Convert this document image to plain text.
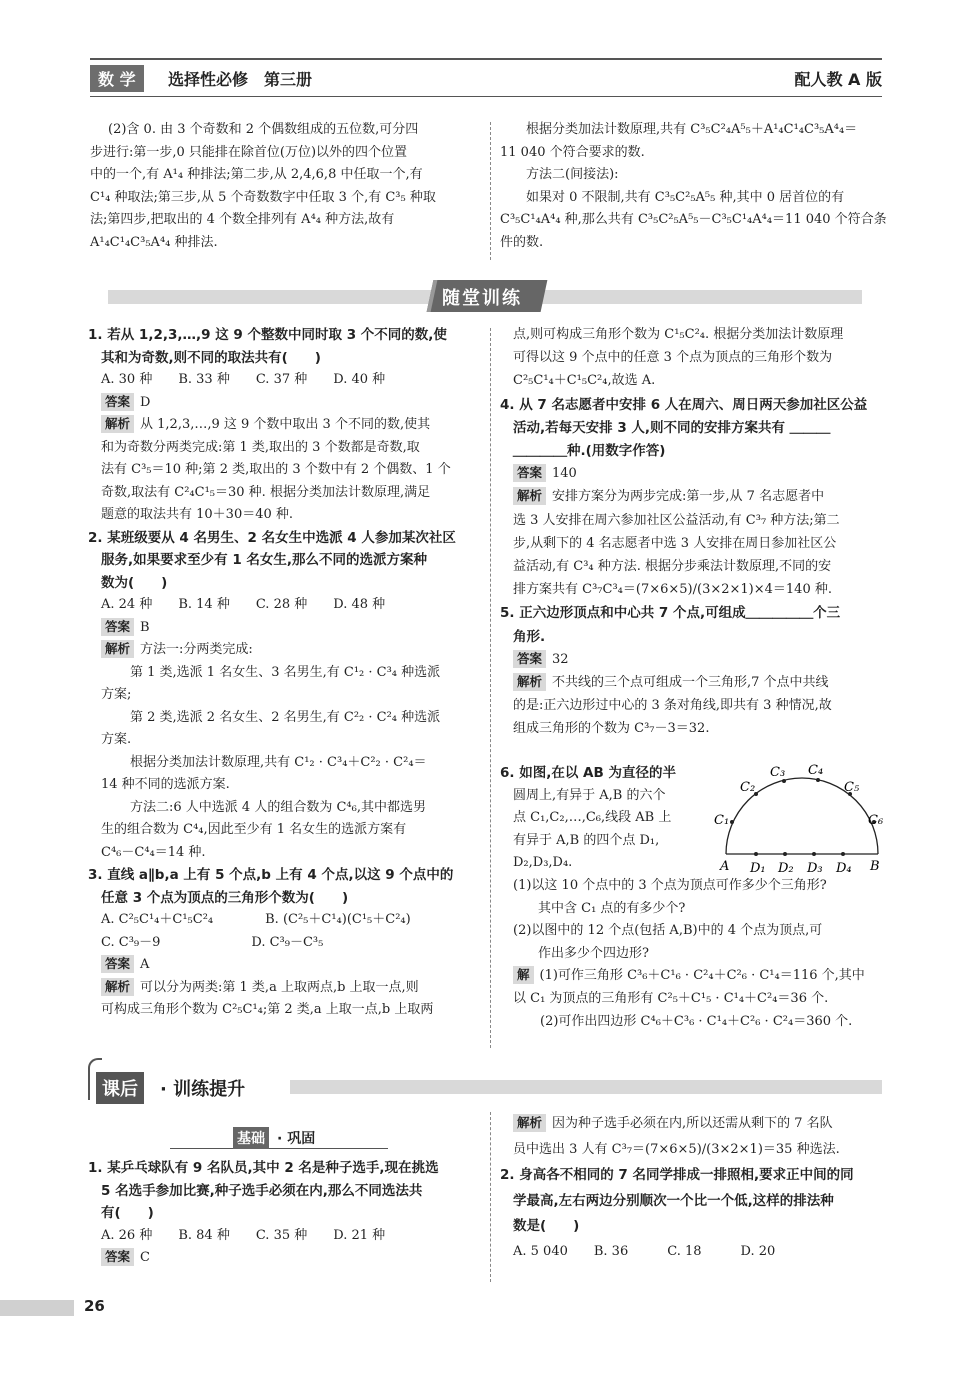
数 学	选择性必修　第三册	配人教 A 版
(2)含 0. 由 3 个奇数和 2 个偶数组成的五位数,可分四
步进行:第一步,0 只能排在除首位(万位)以外的四个位置
中的一个,有 A¹₄ 种排法;第二步,从 2,4,6,8 中任取一个,有
C¹₄ 种取法;第三步,从 5 个奇数数字中任取 3 个,有 C³₅ 种取
法;第四步,把取出的 4 个数全排列有 A⁴₄ 种方法,故有
A¹₄C¹₄C³₅A⁴₄ 种排法.
根据分类加法计数原理,共有 C³₅C²₄A⁵₅＋A¹₄C¹₄C³₅A⁴₄＝
11 040 个符合要求的数.
方法二(间接法):
如果对 0 不限制,共有 C³₅C²₅A⁵₅ 种,其中 0 居首位的有
C³₅C¹₄A⁴₄ 种,那么共有 C³₅C²₅A⁵₅－C³₅C¹₄A⁴₄＝11 040 个符合条
件的数.
随堂训练
1. 若从 1,2,3,…,9 这 9 个整数中同时取 3 个不同的数,使
其和为奇数,则不同的取法共有(　　)
A. 30 种　　B. 33 种　　C. 37 种　　D. 40 种
答案 D
解析 从 1,2,3,…,9 这 9 个数中取出 3 个不同的数,使其
和为奇数分两类完成:第 1 类,取出的 3 个数都是奇数,取
法有 C³₅＝10 种;第 2 类,取出的 3 个数中有 2 个偶数、1 个
奇数,取法有 C²₄C¹₅＝30 种. 根据分类加法计数原理,满足
题意的取法共有 10＋30＝40 种.
2. 某班级要从 4 名男生、2 名女生中选派 4 人参加某次社区
服务,如果要求至少有 1 名女生,那么不同的选派方案种
数为(　　)
A. 24 种　　B. 14 种　　C. 28 种　　D. 48 种
答案 B
解析 方法一:分两类完成:
第 1 类,选派 1 名女生、3 名男生,有 C¹₂ · C³₄ 种选派
方案;
第 2 类,选派 2 名女生、2 名男生,有 C²₂ · C²₄ 种选派
方案.
根据分类加法计数原理,共有 C¹₂ · C³₄＋C²₂ · C²₄＝
14 种不同的选派方案.
方法二:6 人中选派 4 人的组合数为 C⁴₆,其中都选男
生的组合数为 C⁴₄,因此至少有 1 名女生的选派方案有
C⁴₆－C⁴₄＝14 种.
3. 直线 a∥b,a 上有 5 个点,b 上有 4 个点,以这 9 个点中的
任意 3 个点为顶点的三角形个数为(　　)
A. C²₅C¹₄＋C¹₅C²₄　　　　B. (C²₅＋C¹₄)(C¹₅＋C²₄)
C. C³₉－9　　　　　　　D. C³₉－C³₅
答案 A
解析 可以分为两类:第 1 类,a 上取两点,b 上取一点,则
可构成三角形个数为 C²₅C¹₄;第 2 类,a 上取一点,b 上取两
点,则可构成三角形个数为 C¹₅C²₄. 根据分类加法计数原理
可得以这 9 个点中的任意 3 个点为顶点的三角形个数为
C²₅C¹₄＋C¹₅C²₄,故选 A.
4. 从 7 名志愿者中安排 6 人在周六、周日两天参加社区公益
活动,若每天安排 3 人,则不同的安排方案共有 ＿＿＿
＿＿＿＿种.(用数字作答)
答案 140
解析 安排方案分为两步完成:第一步,从 7 名志愿者中
选 3 人安排在周六参加社区公益活动,有 C³₇ 种方法;第二
步,从剩下的 4 名志愿者中选 3 人安排在周日参加社区公
益活动,有 C³₄ 种方法. 根据分步乘法计数原理,不同的安
排方案共有 C³₇C³₄＝(7×6×5)/(3×2×1)×4＝140 种.
5. 正六边形顶点和中心共 7 个点,可组成＿＿＿＿＿个三
角形.
答案 32
解析 不共线的三个点可组成一个三角形,7 个点中共线
的是:正六边形过中心的 3 条对角线,即共有 3 种情况,故
组成三角形的个数为 C³₇－3＝32.
6. 如图,在以 AB 为直径的半
圆周上,有异于 A,B 的六个
点 C₁,C₂,…,C₆,线段 AB 上
有异于 A,B 的四个点 D₁,
D₂,D₃,D₄.
C₁
C₂
C₃ C₄
C₅
C₆
A D₁ D₂ D₃ D₄ B
(1)以这 10 个点中的 3 个点为顶点可作多少个三角形?
其中含 C₁ 点的有多少个?
(2)以图中的 12 个点(包括 A,B)中的 4 个点为顶点,可
作出多少个四边形?
解 (1)可作三角形 C³₆＋C¹₆ · C²₄＋C²₆ · C¹₄＝116 个,其中
以 C₁ 为顶点的三角形有 C²₅＋C¹₅ · C¹₄＋C²₄＝36 个.
(2)可作出四边形 C⁴₆＋C³₆ · C¹₄＋C²₆ · C²₄＝360 个.
课后	· 训练提升
基础 · 巩固
1. 某乒乓球队有 9 名队员,其中 2 名是种子选手,现在挑选
5 名选手参加比赛,种子选手必须在内,那么不同选法共
有(　　)
A. 26 种　　B. 84 种　　C. 35 种　　D. 21 种
答案 C
解析 因为种子选手必须在内,所以还需从剩下的 7 名队
员中选出 3 人有 C³₇＝(7×6×5)/(3×2×1)＝35 种选法.
2. 身高各不相同的 7 名同学排成一排照相,要求正中间的同
学最高,左右两边分别顺次一个比一个低,这样的排法种
数是(　　)
A. 5 040　　B. 36　　　C. 18　　　D. 20
26
